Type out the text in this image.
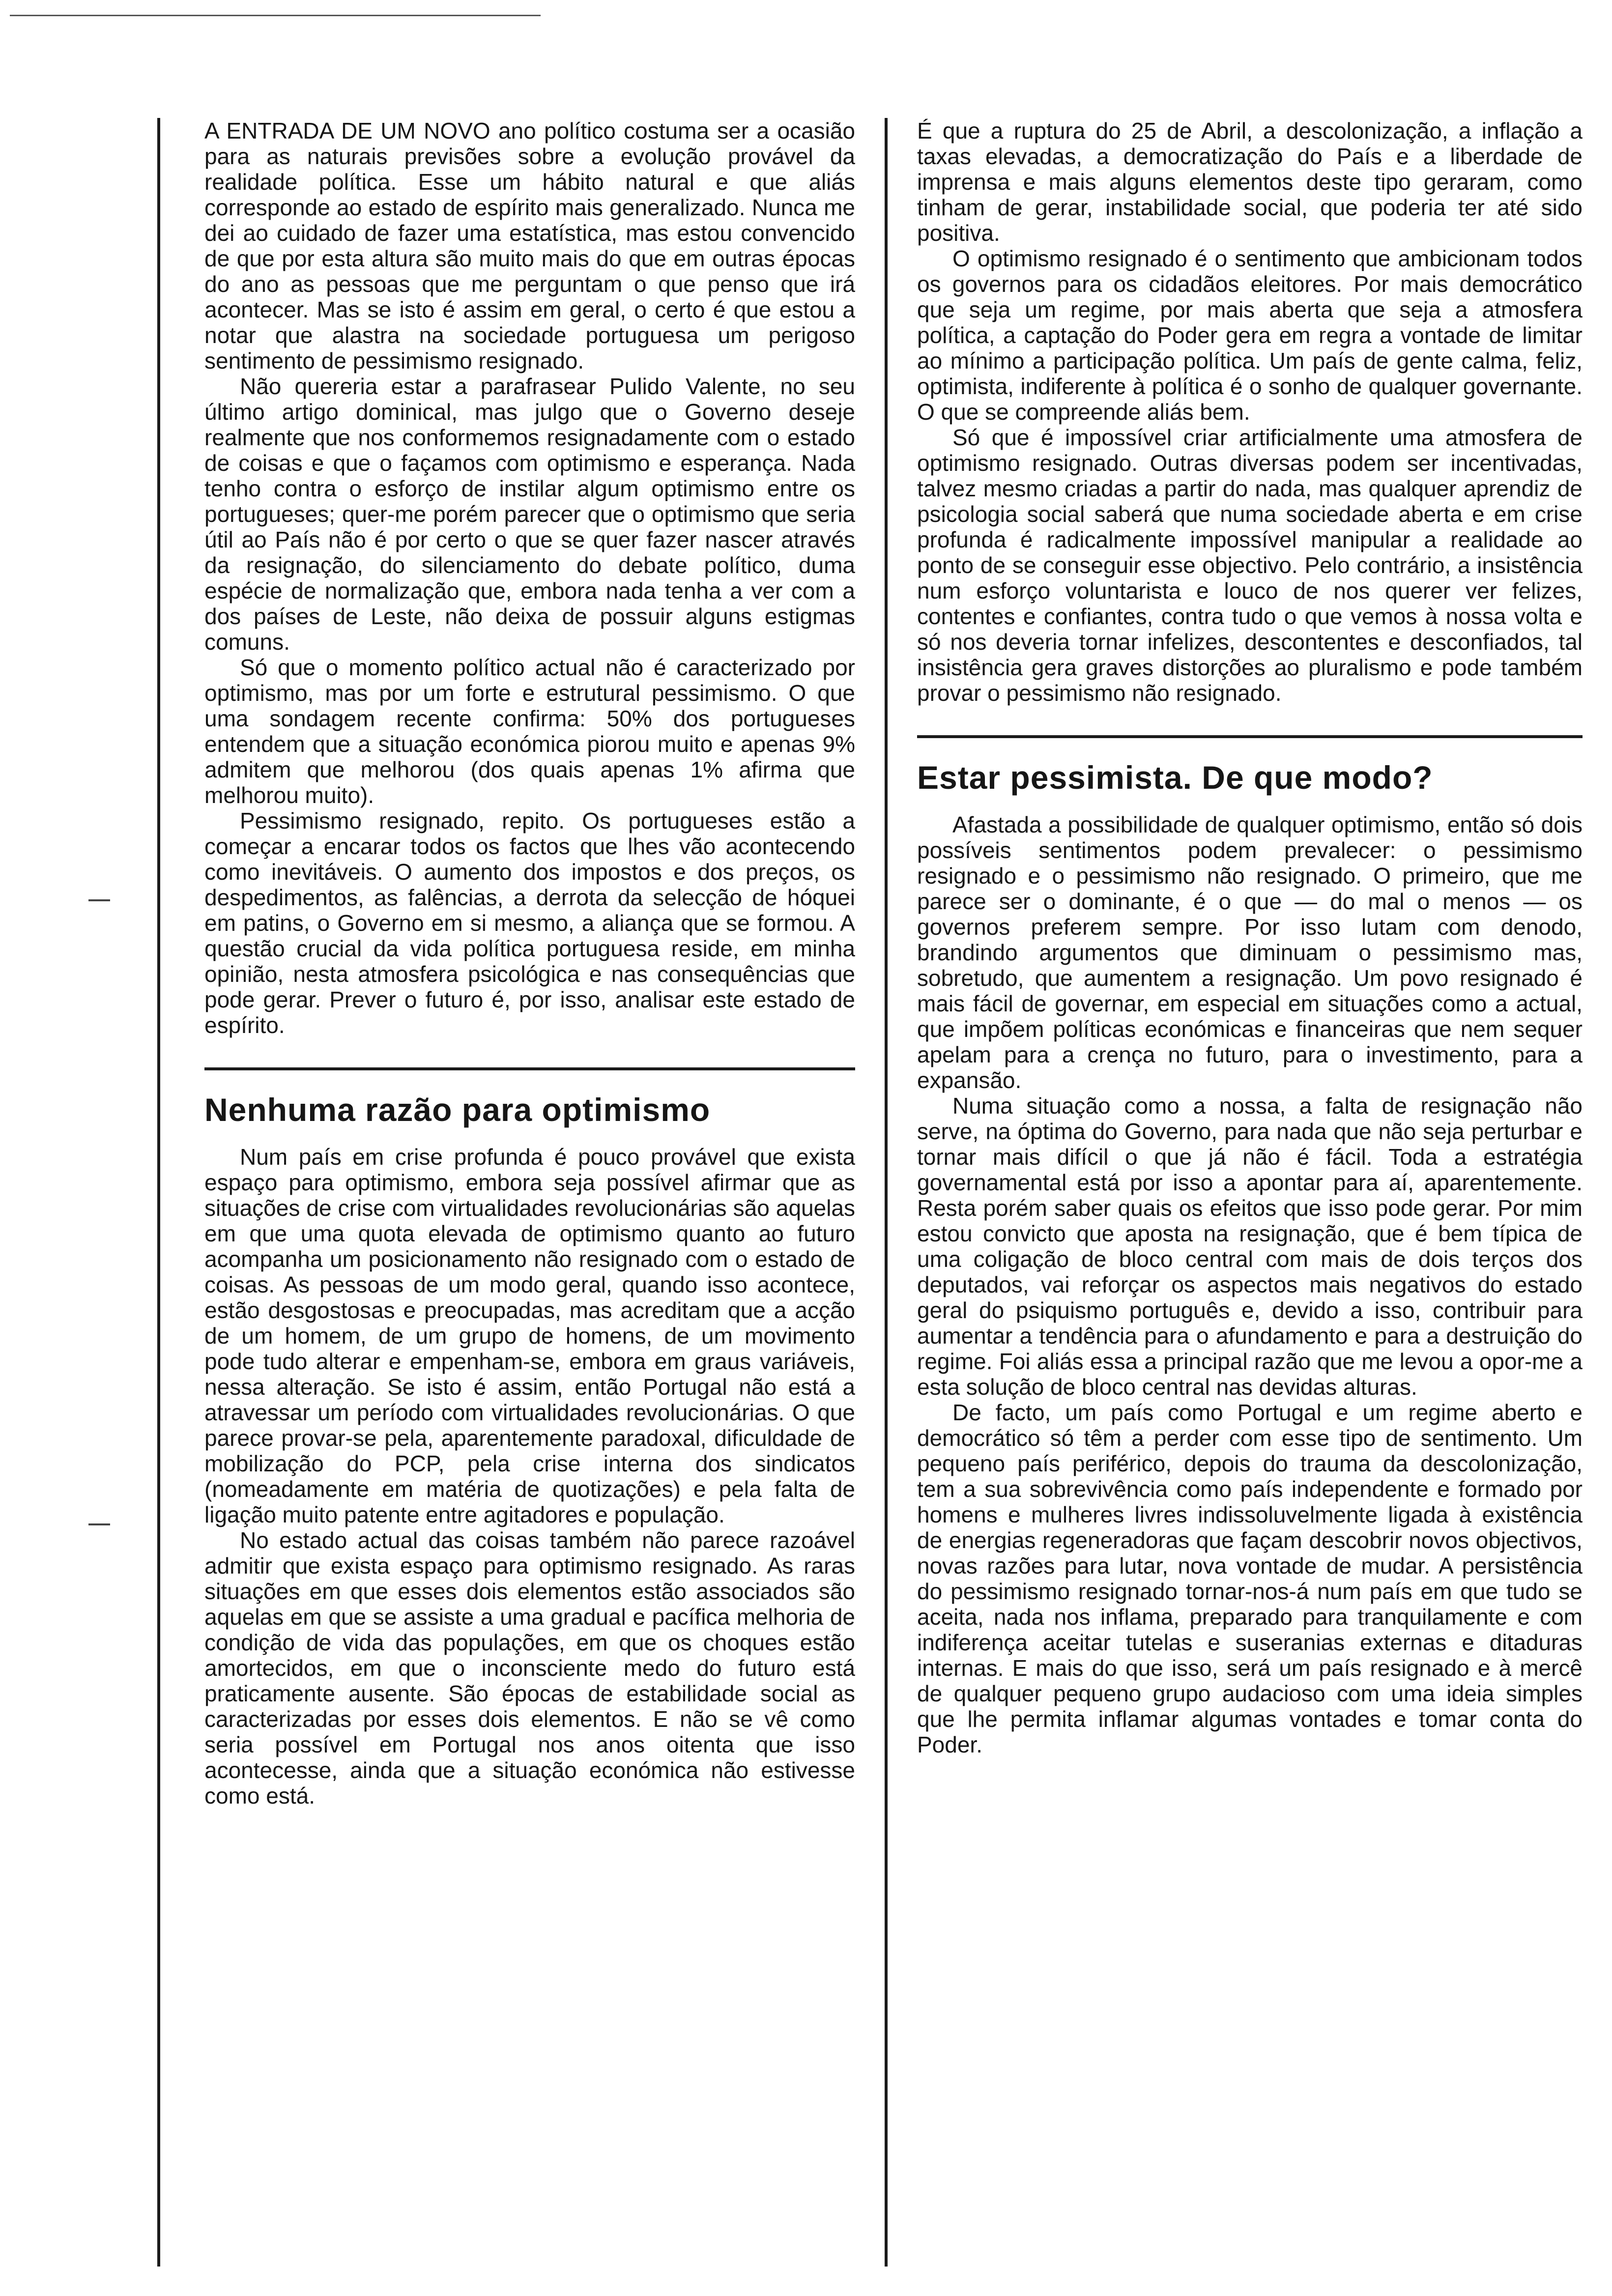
A ENTRADA DE UM NOVO ano político costuma ser a ocasião para as naturais previsões sobre a evolução provável da realidade política. Esse um hábito natural e que aliás corresponde ao estado de espírito mais generalizado. Nunca me dei ao cuidado de fazer uma estatística, mas estou convencido de que por esta altura são muito mais do que em outras épocas do ano as pessoas que me perguntam o que penso que irá acontecer. Mas se isto é assim em geral, o certo é que estou a notar que alastra na sociedade portuguesa um perigoso sentimento de pessimismo resignado.

Não quereria estar a parafrasear Pulido Valente, no seu último artigo dominical, mas julgo que o Governo deseje realmente que nos conformemos resignadamente com o estado de coisas e que o façamos com optimismo e esperança. Nada tenho contra o esforço de instilar algum optimismo entre os portugueses; quer-me porém parecer que o optimismo que seria útil ao País não é por certo o que se quer fazer nascer através da resignação, do silenciamento do debate político, duma espécie de normalização que, embora nada tenha a ver com a dos países de Leste, não deixa de possuir alguns estigmas comuns.

Só que o momento político actual não é caracterizado por optimismo, mas por um forte e estrutural pessimismo. O que uma sondagem recente confirma: 50% dos portugueses entendem que a situação económica piorou muito e apenas 9% admitem que melhorou (dos quais apenas 1% afirma que melhorou muito).

Pessimismo resignado, repito. Os portugueses estão a começar a encarar todos os factos que lhes vão acontecendo como inevitáveis. O aumento dos impostos e dos preços, os despedimentos, as falências, a derrota da selecção de hóquei em patins, o Governo em si mesmo, a aliança que se formou. A questão crucial da vida política portuguesa reside, em minha opinião, nesta atmosfera psicológica e nas consequências que pode gerar. Prever o futuro é, por isso, analisar este estado de espírito.

Nenhuma razão para optimismo

Num país em crise profunda é pouco provável que exista espaço para optimismo, embora seja possível afirmar que as situações de crise com virtualidades revolucionárias são aquelas em que uma quota elevada de optimismo quanto ao futuro acompanha um posicionamento não resignado com o estado de coisas. As pessoas de um modo geral, quando isso acontece, estão desgostosas e preocupadas, mas acreditam que a acção de um homem, de um grupo de homens, de um movimento pode tudo alterar e empenham-se, embora em graus variáveis, nessa alteração. Se isto é assim, então Portugal não está a atravessar um período com virtualidades revolucionárias. O que parece provar-se pela, aparentemente paradoxal, dificuldade de mobilização do PCP, pela crise interna dos sindicatos (nomeadamente em matéria de quotizações) e pela falta de ligação muito patente entre agitadores e população.

No estado actual das coisas também não parece razoável admitir que exista espaço para optimismo resignado. As raras situações em que esses dois elementos estão associados são aquelas em que se assiste a uma gradual e pacífica melhoria de condição de vida das populações, em que os choques estão amortecidos, em que o inconsciente medo do futuro está praticamente ausente. São épocas de estabilidade social as caracterizadas por esses dois elementos. E não se vê como seria possível em Portugal nos anos oitenta que isso acontecesse, ainda que a situação económica não estivesse como está.

É que a ruptura do 25 de Abril, a descolonização, a inflação a taxas elevadas, a democratização do País e a liberdade de imprensa e mais alguns elementos deste tipo geraram, como tinham de gerar, instabilidade social, que poderia ter até sido positiva.

O optimismo resignado é o sentimento que ambicionam todos os governos para os cidadãos eleitores. Por mais democrático que seja um regime, por mais aberta que seja a atmosfera política, a captação do Poder gera em regra a vontade de limitar ao mínimo a participação política. Um país de gente calma, feliz, optimista, indiferente à política é o sonho de qualquer governante. O que se compreende aliás bem.

Só que é impossível criar artificialmente uma atmosfera de optimismo resignado. Outras diversas podem ser incentivadas, talvez mesmo criadas a partir do nada, mas qualquer aprendiz de psicologia social saberá que numa sociedade aberta e em crise profunda é radicalmente impossível manipular a realidade ao ponto de se conseguir esse objectivo. Pelo contrário, a insistência num esforço voluntarista e louco de nos querer ver felizes, contentes e confiantes, contra tudo o que vemos à nossa volta e só nos deveria tornar infelizes, descontentes e desconfiados, tal insistência gera graves distorções ao pluralismo e pode também provar o pessimismo não resignado.

Estar pessimista. De que modo?

Afastada a possibilidade de qualquer optimismo, então só dois possíveis sentimentos podem prevalecer: o pessimismo resignado e o pessimismo não resignado. O primeiro, que me parece ser o dominante, é o que — do mal o menos — os governos preferem sempre. Por isso lutam com denodo, brandindo argumentos que diminuam o pessimismo mas, sobretudo, que aumentem a resignação. Um povo resignado é mais fácil de governar, em especial em situações como a actual, que impõem políticas económicas e financeiras que nem sequer apelam para a crença no futuro, para o investimento, para a expansão.

Numa situação como a nossa, a falta de resignação não serve, na óptima do Governo, para nada que não seja perturbar e tornar mais difícil o que já não é fácil. Toda a estratégia governamental está por isso a apontar para aí, aparentemente. Resta porém saber quais os efeitos que isso pode gerar. Por mim estou convicto que aposta na resignação, que é bem típica de uma coligação de bloco central com mais de dois terços dos deputados, vai reforçar os aspectos mais negativos do estado geral do psiquismo português e, devido a isso, contribuir para aumentar a tendência para o afundamento e para a destruição do regime. Foi aliás essa a principal razão que me levou a opor-me a esta solução de bloco central nas devidas alturas.

De facto, um país como Portugal e um regime aberto e democrático só têm a perder com esse tipo de sentimento. Um pequeno país periférico, depois do trauma da descolonização, tem a sua sobrevivência como país independente e formado por homens e mulheres livres indissoluvelmente ligada à existência de energias regeneradoras que façam descobrir novos objectivos, novas razões para lutar, nova vontade de mudar. A persistência do pessimismo resignado tornar-nos-á num país em que tudo se aceita, nada nos inflama, preparado para tranquilamente e com indiferença aceitar tutelas e suseranias externas e ditaduras internas. E mais do que isso, será um país resignado e à mercê de qualquer pequeno grupo audacioso com uma ideia simples que lhe permita inflamar algumas vontades e tomar conta do Poder.
